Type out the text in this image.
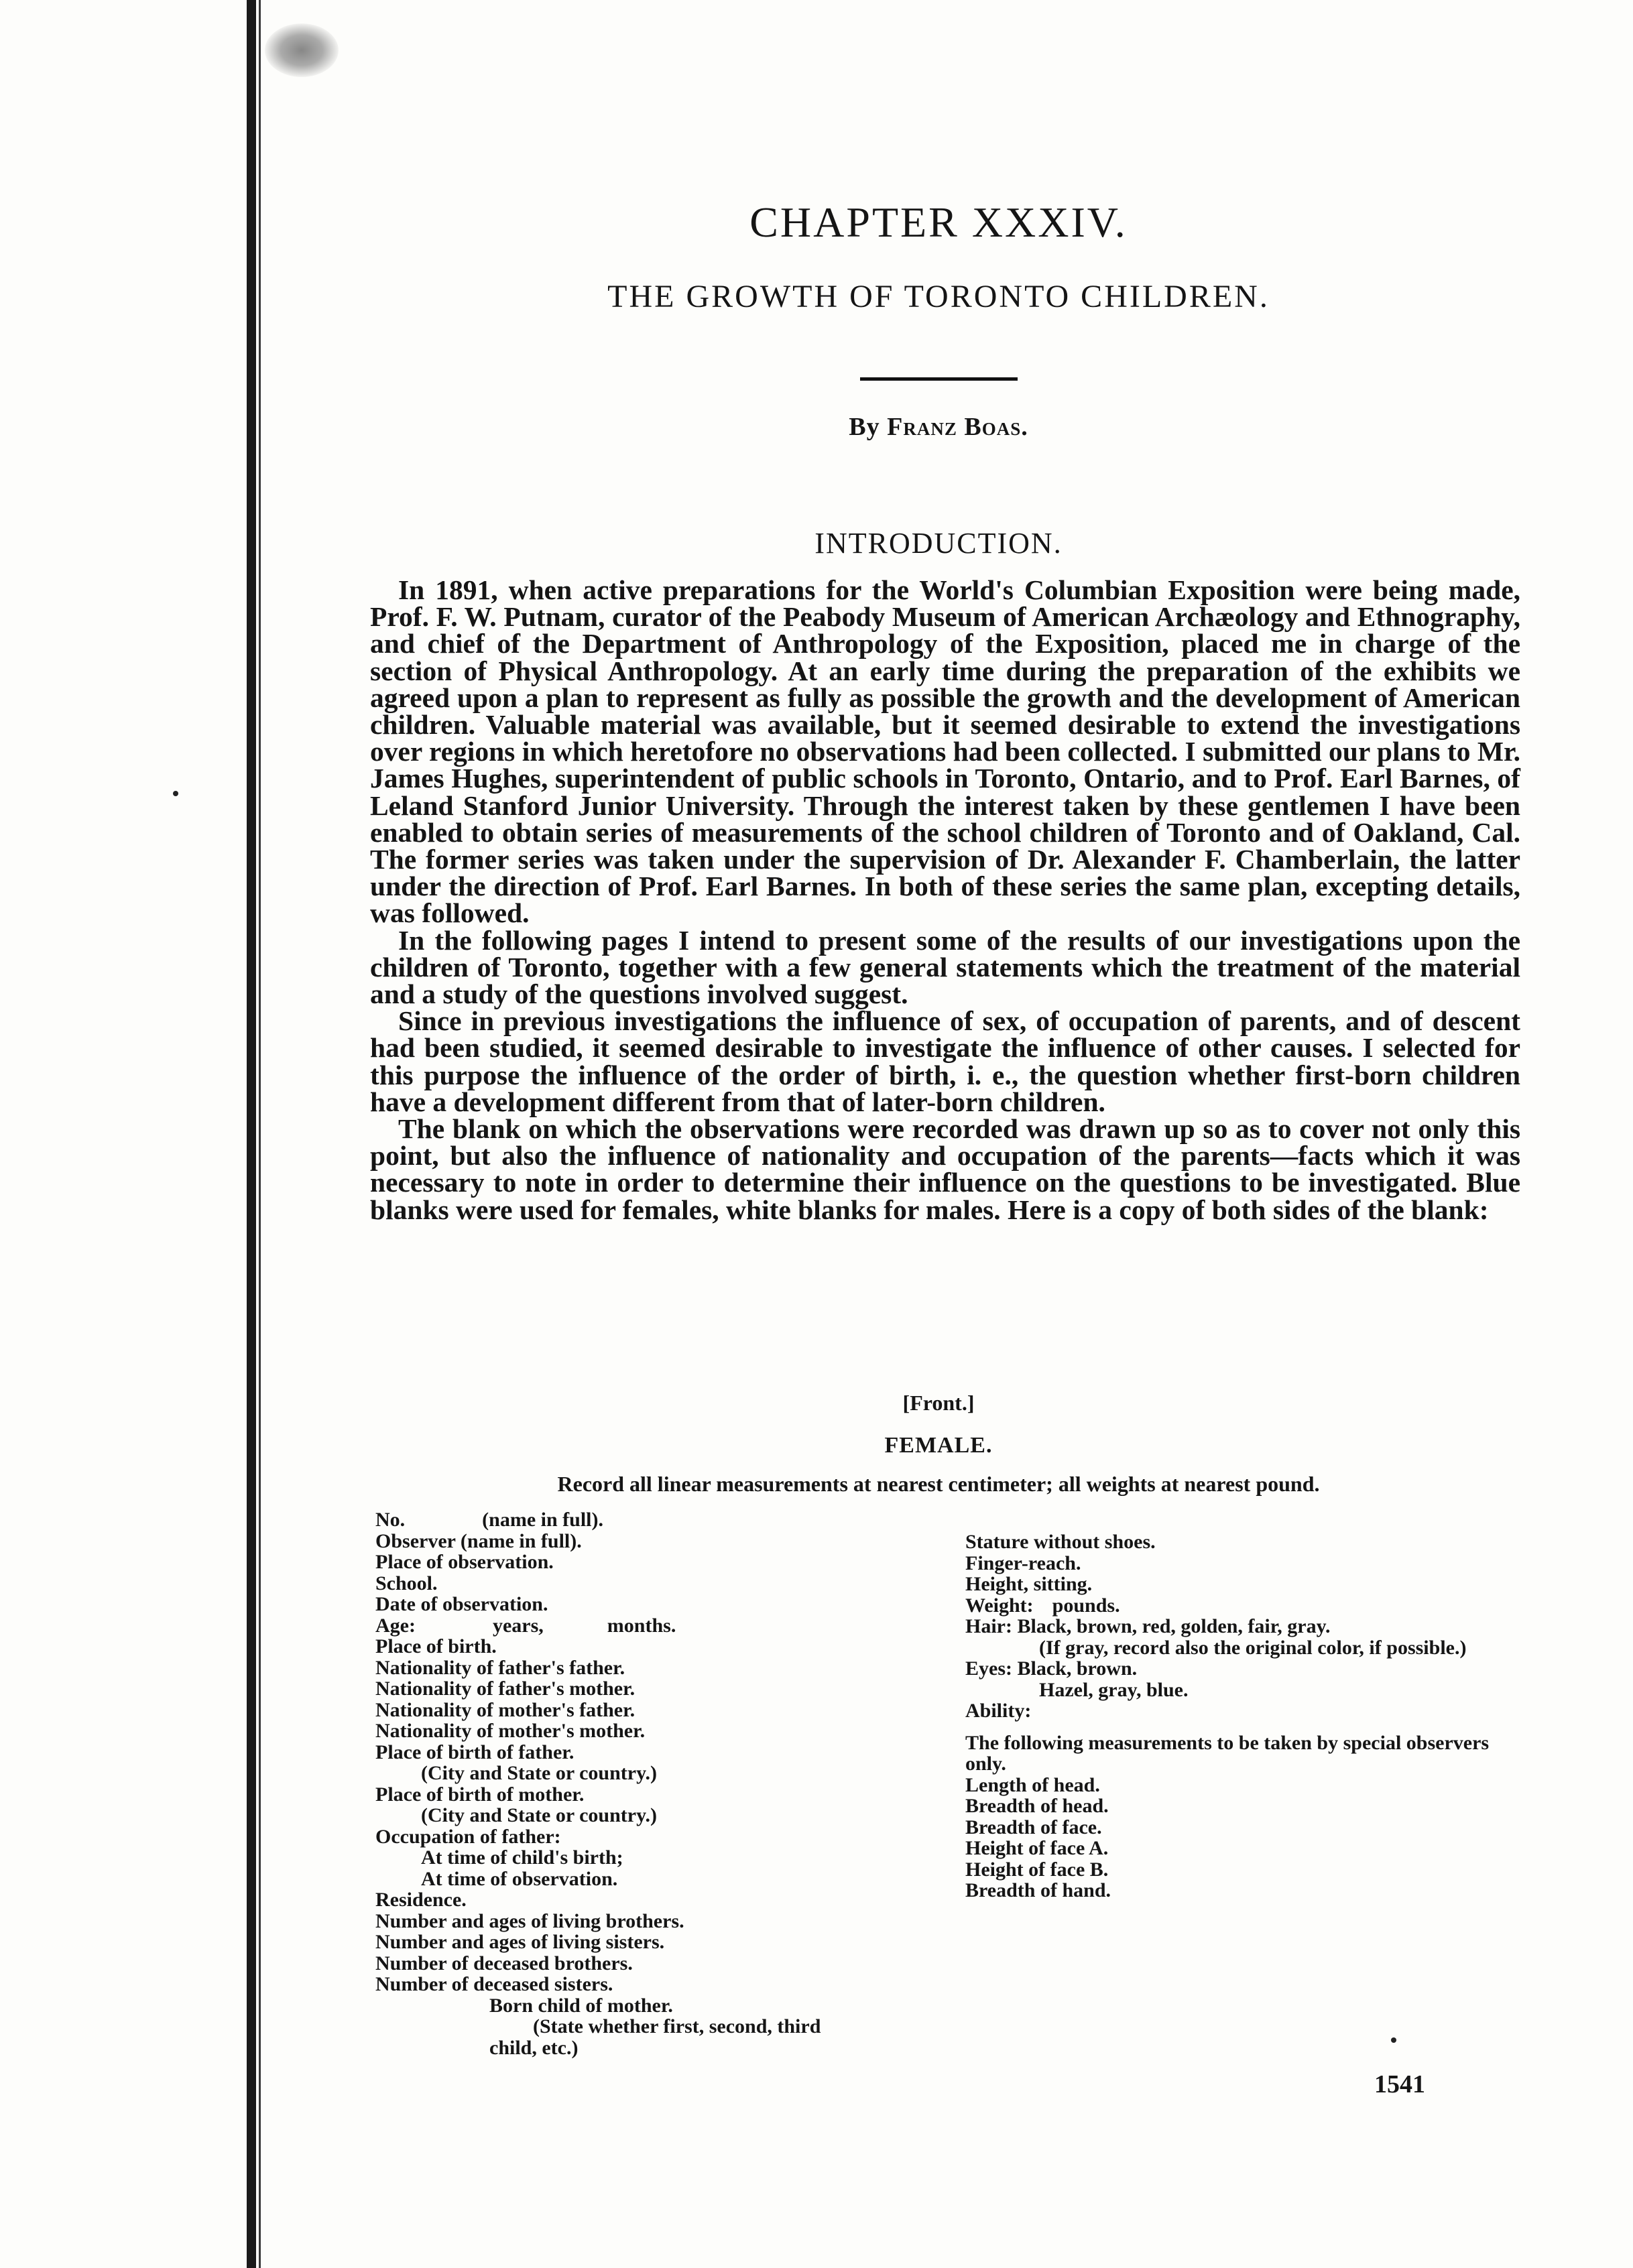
CHAPTER XXXIV.
THE GROWTH OF TORONTO CHILDREN.
By Franz Boas.
INTRODUCTION.

In 1891, when active preparations for the World's Columbian Exposition were being made, Prof. F. W. Putnam, curator of the Peabody Museum of American Archæology and Ethnography, and chief of the Department of Anthropology of the Exposition, placed me in charge of the section of Physical Anthropology. At an early time during the preparation of the exhibits we agreed upon a plan to represent as fully as possible the growth and the development of American children. Valuable material was available, but it seemed desirable to extend the investigations over regions in which heretofore no observations had been collected. I submitted our plans to Mr. James Hughes, superintendent of public schools in Toronto, Ontario, and to Prof. Earl Barnes, of Leland Stanford Junior University. Through the interest taken by these gentlemen I have been enabled to obtain series of measurements of the school children of Toronto and of Oakland, Cal. The former series was taken under the supervision of Dr. Alexander F. Chamberlain, the latter under the direction of Prof. Earl Barnes. In both of these series the same plan, excepting details, was followed.

In the following pages I intend to present some of the results of our investigations upon the children of Toronto, together with a few general statements which the treatment of the material and a study of the questions involved suggest.

Since in previous investigations the influence of sex, of occupation of parents, and of descent had been studied, it seemed desirable to investigate the influence of other causes. I selected for this purpose the influence of the order of birth, i. e., the question whether first-born children have a development different from that of later-born children.

The blank on which the observations were recorded was drawn up so as to cover not only this point, but also the influence of nationality and occupation of the parents—facts which it was necessary to note in order to determine their influence on the questions to be investigated. Blue blanks were used for females, white blanks for males. Here is a copy of both sides of the blank:

[Front.]
FEMALE.
Record all linear measurements at nearest centimeter; all weights at nearest pound.
No.	(name in full).
Observer (name in full).
Place of observation.
School.
Date of observation.
Age:	years,	months.
Place of birth.
Nationality of father's father.
Nationality of father's mother.
Nationality of mother's father.
Nationality of mother's mother.
Place of birth of father.
(City and State or country.)
Place of birth of mother.
(City and State or country.)
Occupation of father:
At time of child's birth;
At time of observation.
Residence.
Number and ages of living brothers.
Number and ages of living sisters.
Number of deceased brothers.
Number of deceased sisters.
Born child of mother.
(State whether first, second, third
child, etc.)
Stature without shoes.
Finger-reach.
Height, sitting.
Weight: pounds.
Hair: Black, brown, red, golden, fair, gray.
(If gray, record also the original color, if possible.)
Eyes: Black, brown.
Hazel, gray, blue.
Ability:
The following measurements to be taken by special observers only.
Length of head.
Breadth of head.
Breadth of face.
Height of face A.
Height of face B.
Breadth of hand.
1541
